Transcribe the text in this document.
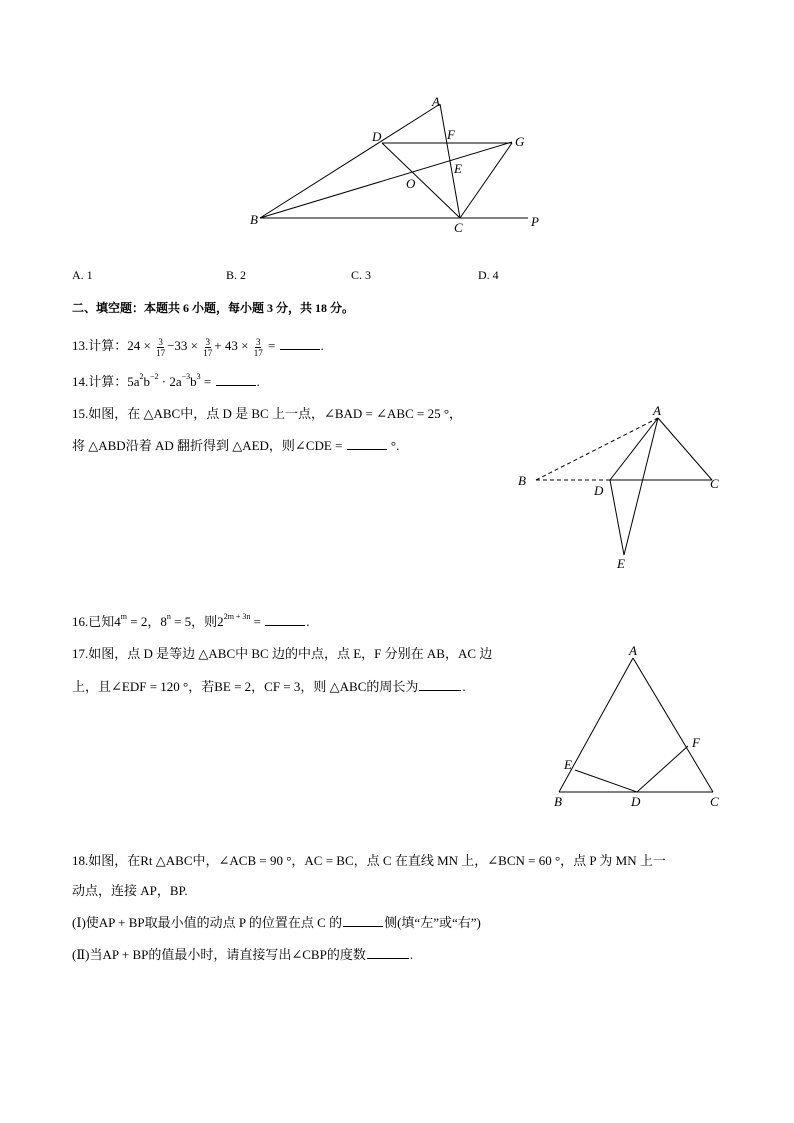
A
D	F	G
E
O
B
C	P
A. 1	B. 2	C. 3	D. 4
二、填空题：本题共 6 小题，每小题 3 分，共 18 分。
13.计算：$24 \times \frac{3}{17} -33 \times \frac{3}{17} + 43 \times \frac{3}{17}$ =	.
14.计算：$5a^2b^{-2} \cdot 2a^{-3}b^3$ =	.
15.如图，在 △ABC中，点 D 是 BC 上一点，∠BAD = ∠ABC = 25 °，
将 △ABD沿着 AD 翻折得到 △AED，则∠CDE =	°.
A
B
D	C
E
16.已知$4^m = 2$，$8^n = 5$，则$2^{2m + 3n}$ =	.
17.如图，点 D 是等边 △ABC中 BC 边的中点，点 E，F 分别在 AB，AC 边
上，且∠EDF = 120 °，若BE = 2，CF = 3，则 △ABC的周长为	.
A
E
F
B	D	C
18.如图，在Rt △ABC中，∠ACB = 90 °，AC = BC，点 C 在直线 MN 上，∠BCN = 60 °，点 P 为 MN 上一
动点，连接 AP，BP.
(Ⅰ)使AP + BP取最小值的动点 P 的位置在点 C 的	侧(填“左”或“右”)
(Ⅱ)当AP + BP的值最小时，请直接写出∠CBP的度数	.
